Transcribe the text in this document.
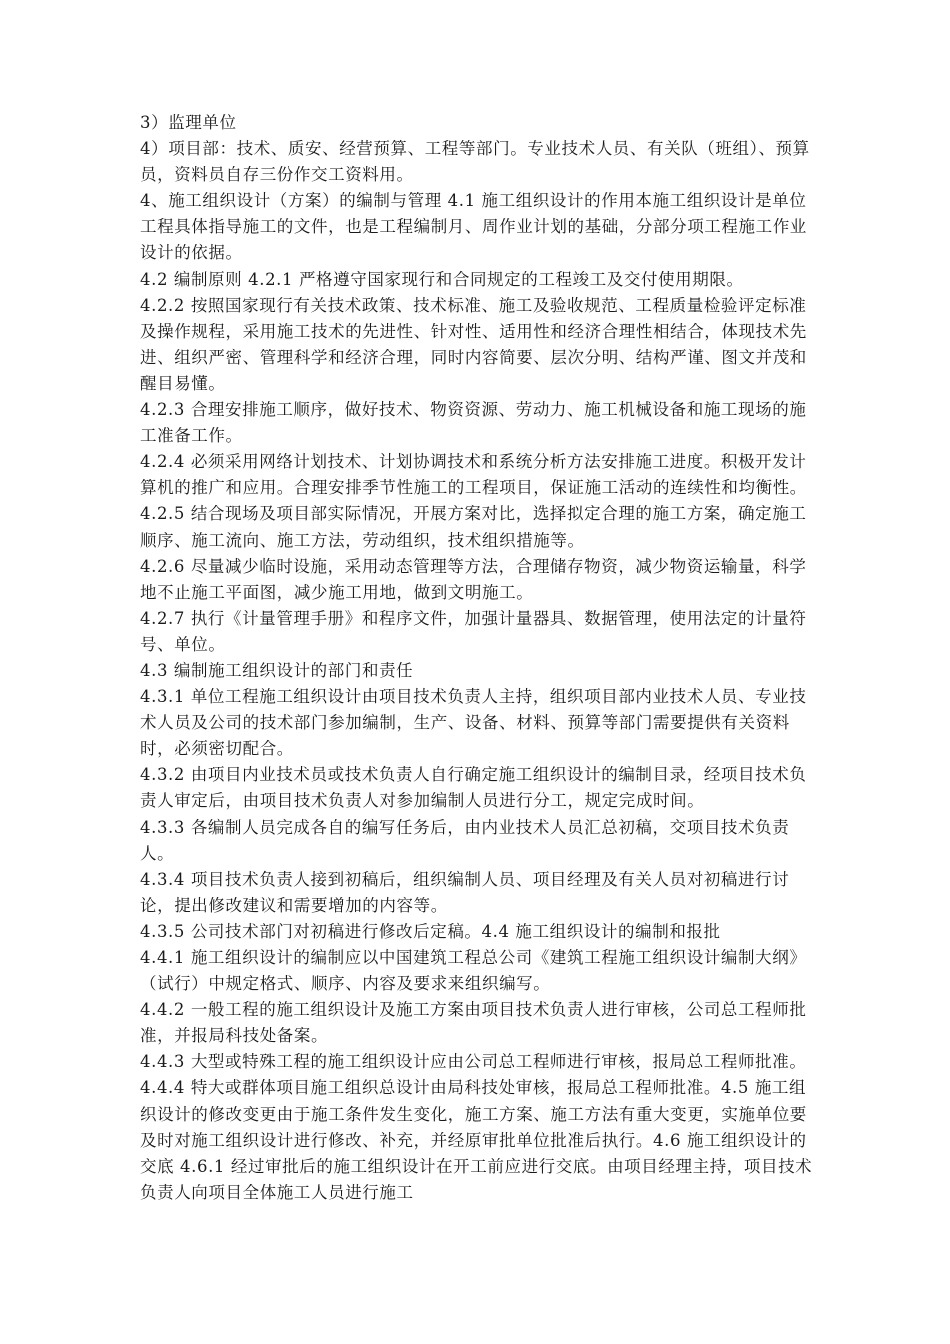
3）监理单位

4）项目部：技术、质安、经营预算、工程等部门。专业技术人员、有关队（班组）、预算员，资料员自存三份作交工资料用。

4、施工组织设计（方案）的编制与管理 4.1 施工组织设计的作用本施工组织设计是单位工程具体指导施工的文件，也是工程编制月、周作业计划的基础，分部分项工程施工作业设计的依据。

4.2 编制原则 4.2.1 严格遵守国家现行和合同规定的工程竣工及交付使用期限。

4.2.2 按照国家现行有关技术政策、技术标准、施工及验收规范、工程质量检验评定标准及操作规程，采用施工技术的先进性、针对性、适用性和经济合理性相结合，体现技术先进、组织严密、管理科学和经济合理，同时内容简要、层次分明、结构严谨、图文并茂和醒目易懂。

4.2.3 合理安排施工顺序，做好技术、物资资源、劳动力、施工机械设备和施工现场的施工准备工作。

4.2.4 必须采用网络计划技术、计划协调技术和系统分析方法安排施工进度。积极开发计算机的推广和应用。合理安排季节性施工的工程项目，保证施工活动的连续性和均衡性。

4.2.5 结合现场及项目部实际情况，开展方案对比，选择拟定合理的施工方案，确定施工顺序、施工流向、施工方法，劳动组织，技术组织措施等。

4.2.6 尽量减少临时设施，采用动态管理等方法，合理储存物资，减少物资运输量，科学地不止施工平面图，减少施工用地，做到文明施工。

4.2.7 执行《计量管理手册》和程序文件，加强计量器具、数据管理，使用法定的计量符号、单位。

4.3 编制施工组织设计的部门和责任

4.3.1 单位工程施工组织设计由项目技术负责人主持，组织项目部内业技术人员、专业技术人员及公司的技术部门参加编制，生产、设备、材料、预算等部门需要提供有关资料时，必须密切配合。

4.3.2 由项目内业技术员或技术负责人自行确定施工组织设计的编制目录，经项目技术负责人审定后，由项目技术负责人对参加编制人员进行分工，规定完成时间。

4.3.3 各编制人员完成各自的编写任务后，由内业技术人员汇总初稿，交项目技术负责人。

4.3.4 项目技术负责人接到初稿后，组织编制人员、项目经理及有关人员对初稿进行讨论，提出修改建议和需要增加的内容等。

4.3.5 公司技术部门对初稿进行修改后定稿。4.4 施工组织设计的编制和报批

4.4.1 施工组织设计的编制应以中国建筑工程总公司《建筑工程施工组织设计编制大纲》（试行）中规定格式、顺序、内容及要求来组织编写。

4.4.2 一般工程的施工组织设计及施工方案由项目技术负责人进行审核，公司总工程师批准，并报局科技处备案。

4.4.3 大型或特殊工程的施工组织设计应由公司总工程师进行审核，报局总工程师批准。4.4.4 特大或群体项目施工组织总设计由局科技处审核，报局总工程师批准。4.5 施工组织设计的修改变更由于施工条件发生变化，施工方案、施工方法有重大变更，实施单位要及时对施工组织设计进行修改、补充，并经原审批单位批准后执行。4.6 施工组织设计的交底 4.6.1 经过审批后的施工组织设计在开工前应进行交底。由项目经理主持，项目技术负责人向项目全体施工人员进行施工
